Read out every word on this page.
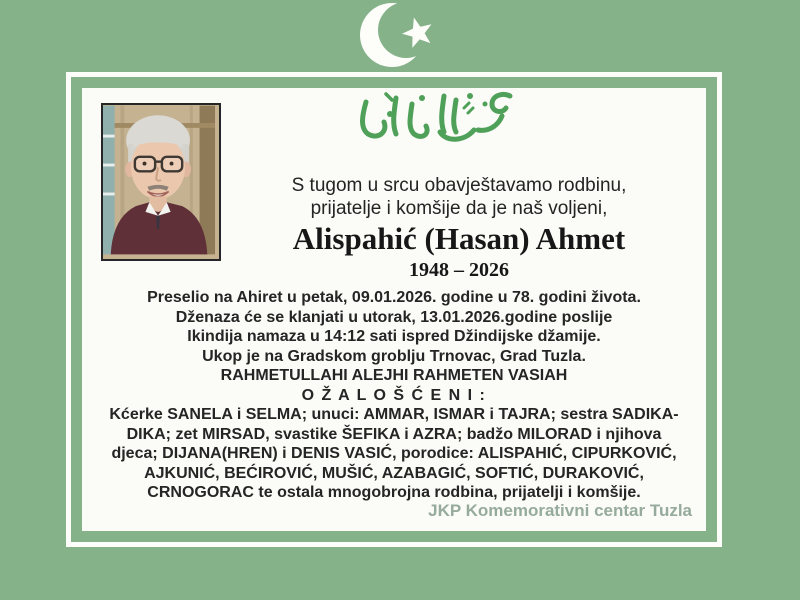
S tugom u srcu obavještavamo rodbinu,
prijatelje i komšije da je naš voljeni,
Alispahić (Hasan) Ahmet
1948 – 2026
Preselio na Ahiret u petak, 09.01.2026. godine u 78. godini života.
Dženaza će se klanjati u utorak, 13.01.2026.godine poslije
Ikindija namaza u 14:12 sati ispred Džindijske džamije.
Ukop je na Gradskom groblju Trnovac, Grad Tuzla.
RAHMETULLAHI ALEJHI RAHMETEN VASIAH
O Ž A L O Š Ć E N I :
Kćerke SANELA i SELMA; unuci: AMMAR, ISMAR i TAJRA; sestra SADIKA-
DIKA; zet MIRSAD, svastike ŠEFIKA i AZRA; badžo MILORAD i njihova
djeca; DIJANA(HREN) i DENIS VASIĆ, porodice: ALISPAHIĆ, CIPURKOVIĆ,
AJKUNIĆ, BEĆIROVIĆ, MUŠIĆ, AZABAGIĆ, SOFTIĆ, DURAKOVIĆ,
CRNOGORAC te ostala mnogobrojna rodbina, prijatelji i komšije.
JKP Komemorativni centar Tuzla
